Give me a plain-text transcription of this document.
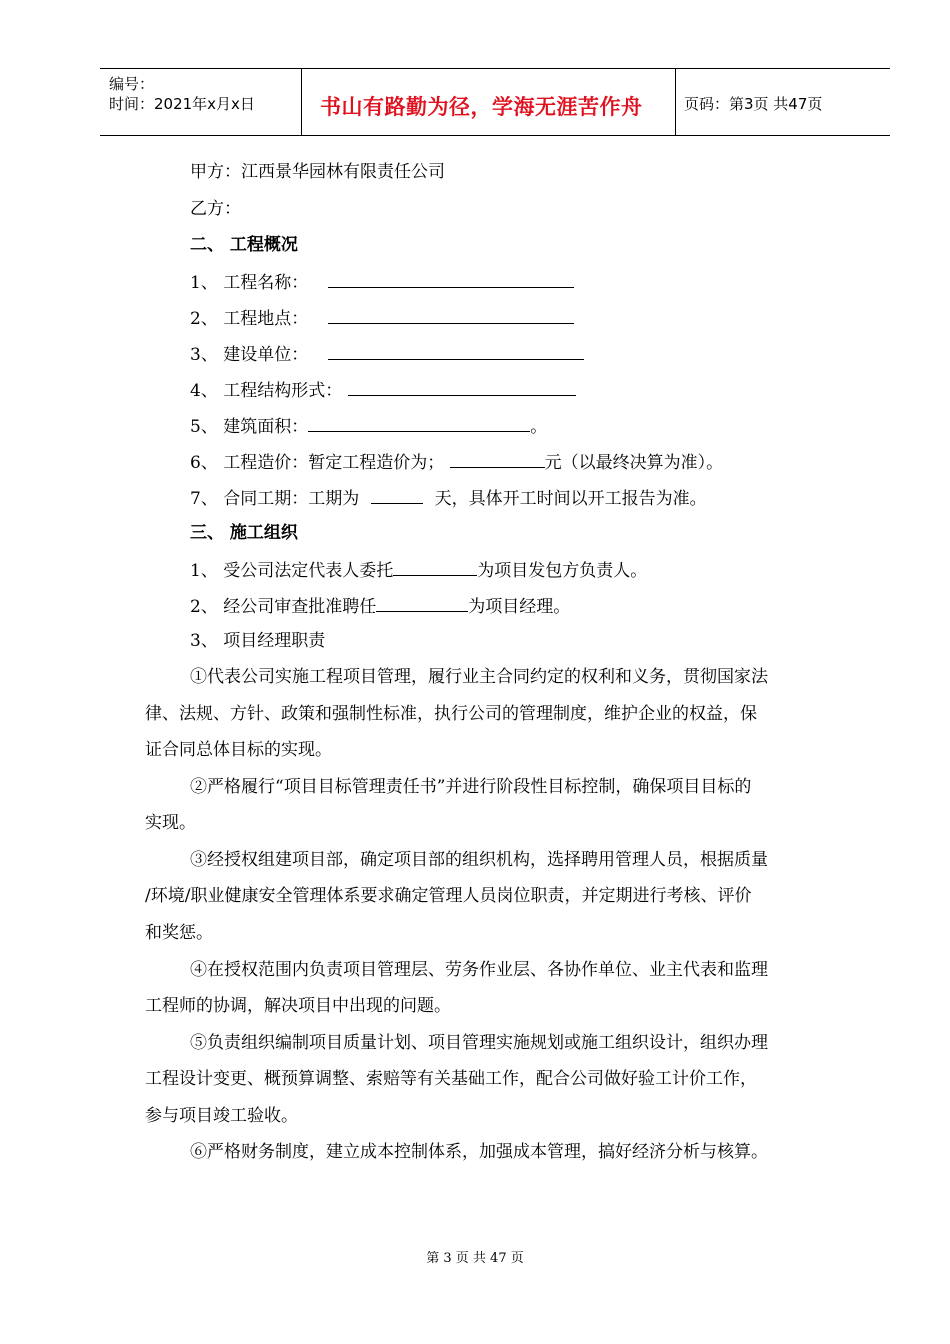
编号：
时间：2021年x月x日	书山有路勤为径，学海无涯苦作舟	页码：第3页 共47页
甲方：江西景华园林有限责任公司
乙方：
二、 工程概况
1、 工程名称：
2、 工程地点：
3、 建设单位：
4、 工程结构形式：
5、 建筑面积：	。
6、 工程造价：暂定工程造价为；	元（以最终决算为准）。
7、 合同工期：工期为	天，具体开工时间以开工报告为准。
三、 施工组织
1、 受公司法定代表人委托	为项目发包方负责人。
2、 经公司审查批准聘任	为项目经理。
3、 项目经理职责
①代表公司实施工程项目管理，履行业主合同约定的权利和义务，贯彻国家法
律、法规、方针、政策和强制性标准，执行公司的管理制度，维护企业的权益，保
证合同总体目标的实现。
②严格履行“项目目标管理责任书”并进行阶段性目标控制，确保项目目标的
实现。
③经授权组建项目部，确定项目部的组织机构，选择聘用管理人员，根据质量
/环境/职业健康安全管理体系要求确定管理人员岗位职责，并定期进行考核、评价
和奖惩。
④在授权范围内负责项目管理层、劳务作业层、各协作单位、业主代表和监理
工程师的协调，解决项目中出现的问题。
⑤负责组织编制项目质量计划、项目管理实施规划或施工组织设计，组织办理
工程设计变更、概预算调整、索赔等有关基础工作，配合公司做好验工计价工作，
参与项目竣工验收。
⑥严格财务制度，建立成本控制体系，加强成本管理，搞好经济分析与核算。
第 3 页 共 47 页
